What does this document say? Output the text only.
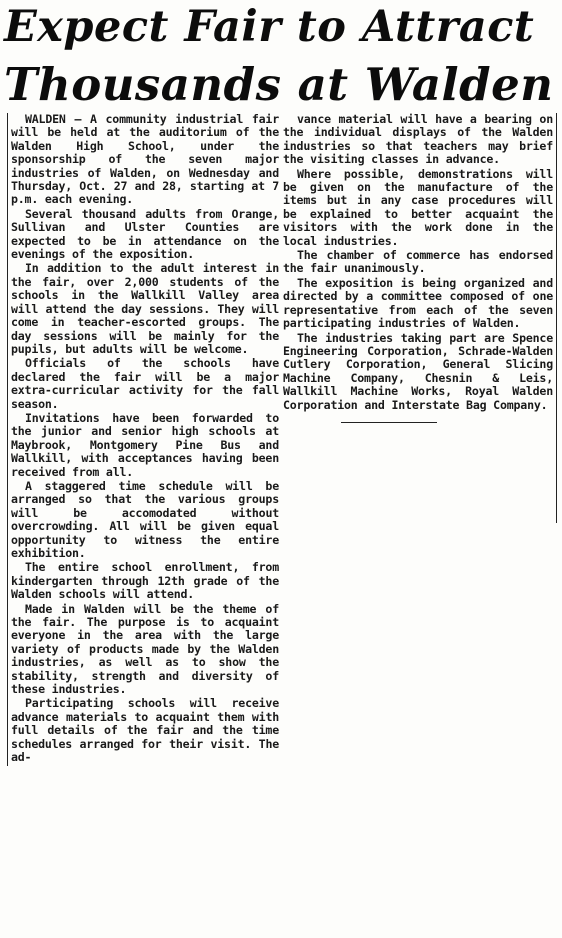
Expect Fair to Attract
Thousands at Walden

WALDEN — A community industrial fair will be held at the auditorium of the Walden High School, under the sponsorship of the seven major industries of Walden, on Wednesday and Thursday, Oct. 27 and 28, starting at 7 p.m. each evening.

Several thousand adults from Orange, Sullivan and Ulster Counties are expected to be in attendance on the evenings of the exposition.

In addition to the adult interest in the fair, over 2,000 students of the schools in the Wallkill Valley area will attend the day sessions. They will come in teacher-escorted groups. The day sessions will be mainly for the pupils, but adults will be welcome.

Officials of the schools have declared the fair will be a major extra-curricular activity for the fall season.

Invitations have been forwarded to the junior and senior high schools at Maybrook, Montgomery Pine Bus and Wallkill, with acceptances having been received from all.

A staggered time schedule will be arranged so that the various groups will be accomodated without overcrowding. All will be given equal opportunity to witness the entire exhibition.

The entire school enrollment, from kindergarten through 12th grade of the Walden schools will attend.

Made in Walden will be the theme of the fair. The purpose is to acquaint everyone in the area with the large variety of products made by the Walden industries, as well as to show the stability, strength and diversity of these industries.

Participating schools will receive advance materials to acquaint them with full details of the fair and the time schedules arranged for their visit. The ad-

vance material will have a bearing on the individual displays of the Walden industries so that teachers may brief the visiting classes in advance.

Where possible, demonstrations will be given on the manufacture of the items but in any case procedures will be explained to better acquaint the visitors with the work done in the local industries.

The chamber of commerce has endorsed the fair unanimously.

The exposition is being organized and directed by a committee composed of one representative from each of the seven participating industries of Walden.

The industries taking part are Spence Engineering Corporation, Schrade-Walden Cutlery Corporation, General Slicing Machine Company, Chesnin & Leis, Wallkill Machine Works, Royal Walden Corporation and Interstate Bag Company.
